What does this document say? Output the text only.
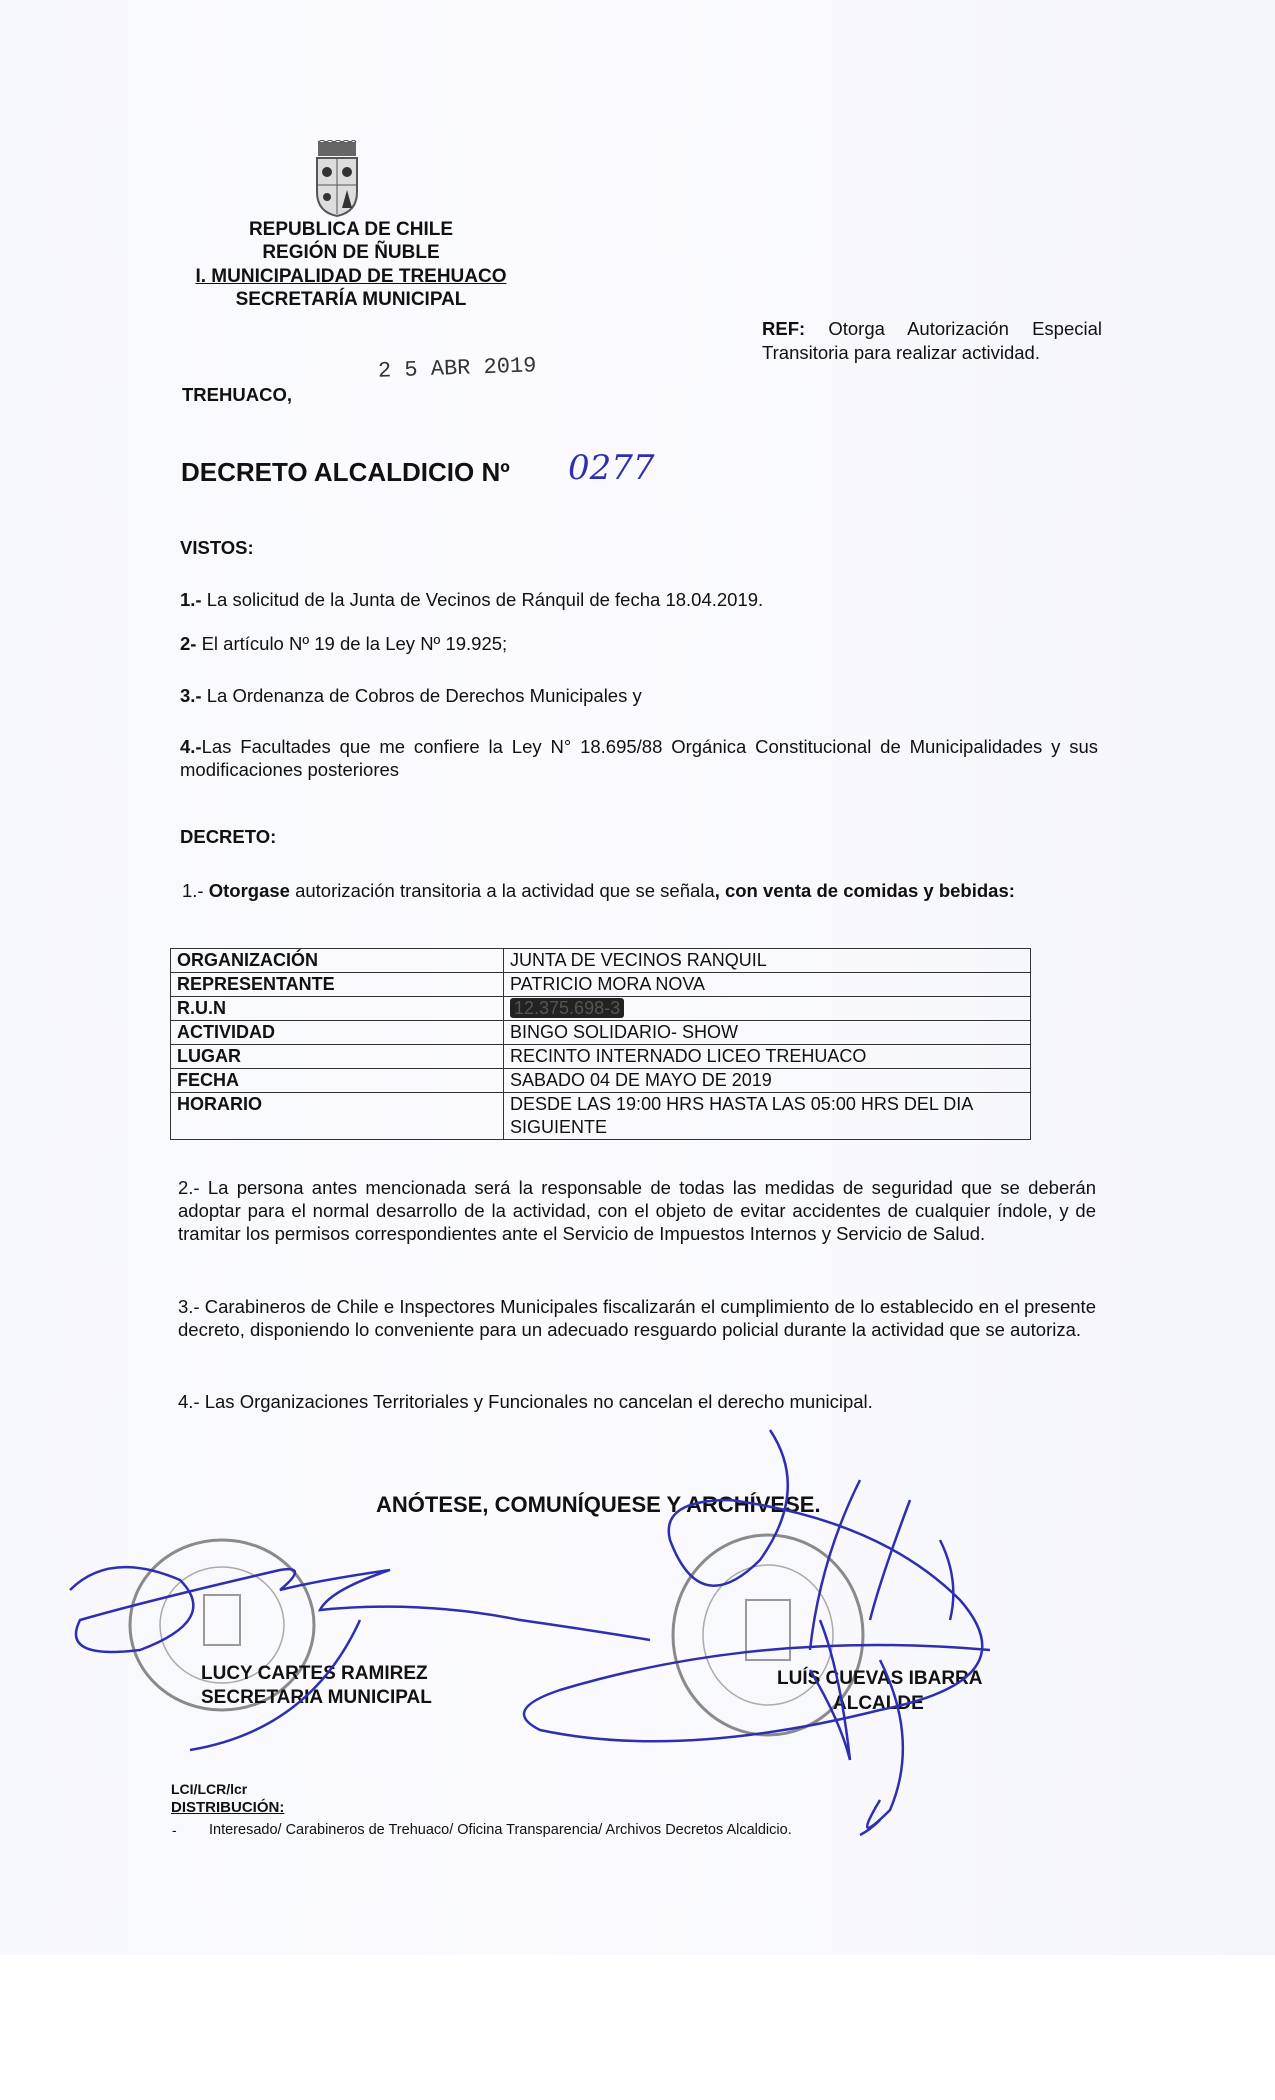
REPUBLICA DE CHILE
REGIÓN DE ÑUBLE
I. MUNICIPALIDAD DE TREHUACO
SECRETARÍA MUNICIPAL
REF: Otorga Autorización Especial
Transitoria para realizar actividad.
2 5 ABR 2019
TREHUACO,
DECRETO ALCALDICIO Nº 0277
VISTOS:
1.- La solicitud de la Junta de Vecinos de Ránquil de fecha 18.04.2019.
2- El artículo Nº 19 de la Ley Nº 19.925;
3.- La Ordenanza de Cobros de Derechos Municipales y
4.-Las Facultades que me confiere la Ley N° 18.695/88 Orgánica Constitucional de Municipalidades y sus modificaciones posteriores
DECRETO:
1.- Otorgase autorización transitoria a la actividad que se señala, con venta de comidas y bebidas:
ORGANIZACIÓN	JUNTA DE VECINOS RANQUIL
REPRESENTANTE	PATRICIO MORA NOVA
R.U.N	12.375.698-3
ACTIVIDAD	BINGO SOLIDARIO- SHOW
LUGAR	RECINTO INTERNADO LICEO TREHUACO
FECHA	SABADO 04 DE MAYO DE 2019
HORARIO	DESDE LAS 19:00 HRS HASTA LAS 05:00 HRS DEL DIA SIGUIENTE
2.- La persona antes mencionada será la responsable de todas las medidas de seguridad que se deberán adoptar para el normal desarrollo de la actividad, con el objeto de evitar accidentes de cualquier índole, y de tramitar los permisos correspondientes ante el Servicio de Impuestos Internos y Servicio de Salud.
3.- Carabineros de Chile e Inspectores Municipales fiscalizarán el cumplimiento de lo establecido en el presente decreto, disponiendo lo conveniente para un adecuado resguardo policial durante la actividad que se autoriza.
4.- Las Organizaciones Territoriales y Funcionales no cancelan el derecho municipal.
ANÓTESE, COMUNÍQUESE Y ARCHÍVESE.
LUCY CARTES RAMIREZ
SECRETARIA MUNICIPAL
LUÍS CUEVAS IBARRA
ALCALDE
LCI/LCR/lcr
DISTRIBUCIÓN:
- Interesado/ Carabineros de Trehuaco/ Oficina Transparencia/ Archivos Decretos Alcaldicio.
